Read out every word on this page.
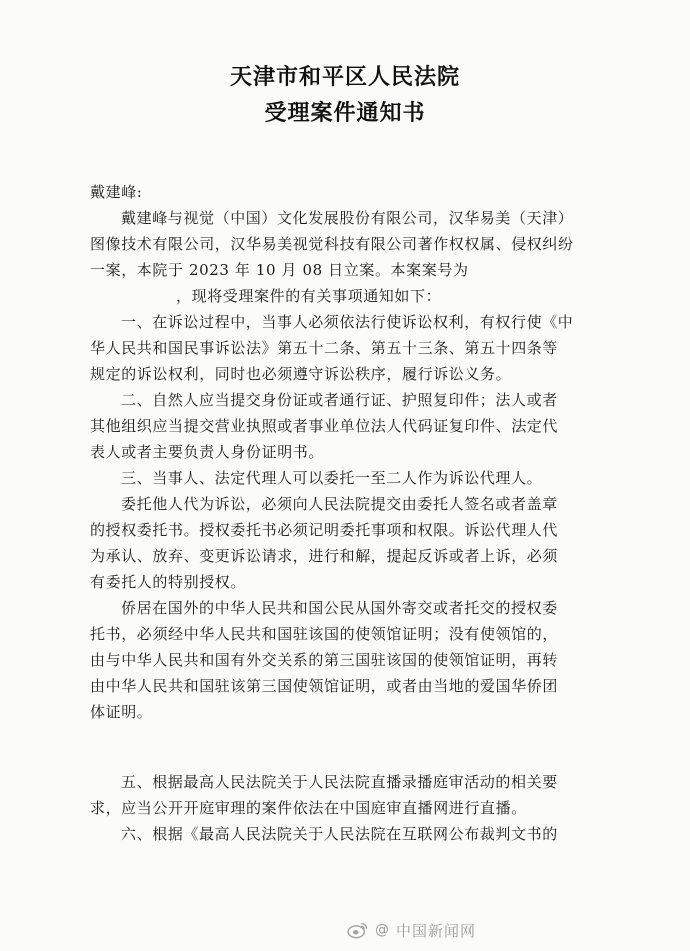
天津市和平区人民法院
受理案件通知书
戴建峰:
戴建峰与视觉（中国）文化发展股份有限公司，汉华易美（天津）
图像技术有限公司，汉华易美视觉科技有限公司著作权权属、侵权纠纷
一案，本院于 2023 年 10 月 08 日立案。本案案号为
，现将受理案件的有关事项通知如下：
一、在诉讼过程中，当事人必须依法行使诉讼权利，有权行使《中
华人民共和国民事诉讼法》第五十二条、第五十三条、第五十四条等
规定的诉讼权利，同时也必须遵守诉讼秩序，履行诉讼义务。
二、自然人应当提交身份证或者通行证、护照复印件；法人或者
其他组织应当提交营业执照或者事业单位法人代码证复印件、法定代
表人或者主要负责人身份证明书。
三、当事人、法定代理人可以委托一至二人作为诉讼代理人。
委托他人代为诉讼，必须向人民法院提交由委托人签名或者盖章
的授权委托书。授权委托书必须记明委托事项和权限。诉讼代理人代
为承认、放弃、变更诉讼请求，进行和解，提起反诉或者上诉，必须
有委托人的特别授权。
侨居在国外的中华人民共和国公民从国外寄交或者托交的授权委
托书，必须经中华人民共和国驻该国的使领馆证明；没有使领馆的，
由与中华人民共和国有外交关系的第三国驻该国的使领馆证明，再转
由中华人民共和国驻该第三国使领馆证明，或者由当地的爱国华侨团
体证明。
五、根据最高人民法院关于人民法院直播录播庭审活动的相关要
求，应当公开开庭审理的案件依法在中国庭审直播网进行直播。
六、根据《最高人民法院关于人民法院在互联网公布裁判文书的
@ 中国新闻网
